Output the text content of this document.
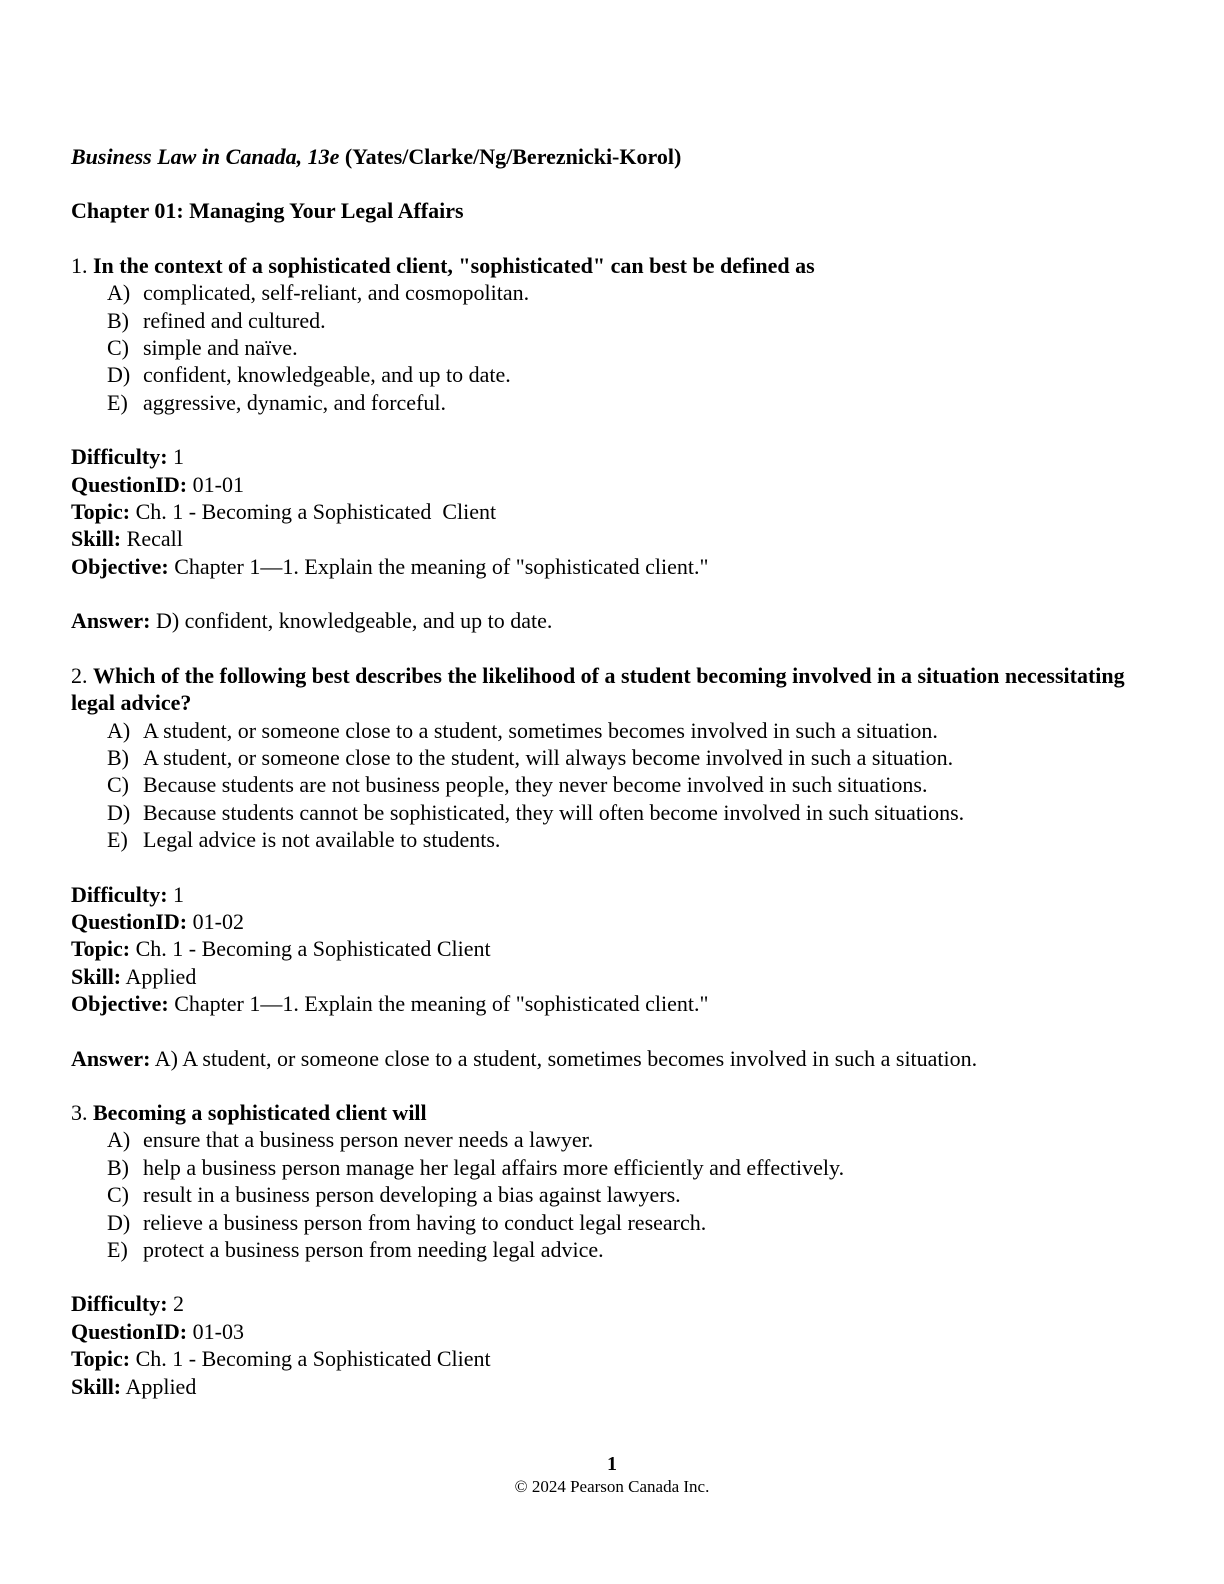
Business Law in Canada, 13e (Yates/Clarke/Ng/Bereznicki-Korol)

Chapter 01: Managing Your Legal Affairs

1. In the context of a sophisticated client, "sophisticated" can best be defined as

A) complicated, self-reliant, and cosmopolitan.
B) refined and cultured.
C) simple and naïve.
D) confident, knowledgeable, and up to date.
E) aggressive, dynamic, and forceful.

Difficulty: 1

QuestionID: 01-01

Topic: Ch. 1 - Becoming a Sophisticated  Client

Skill: Recall

Objective: Chapter 1—1. Explain the meaning of "sophisticated client."

Answer: D) confident, knowledgeable, and up to date.

2. Which of the following best describes the likelihood of a student becoming involved in a situation necessitating legal advice?

A) A student, or someone close to a student, sometimes becomes involved in such a situation.
B) A student, or someone close to the student, will always become involved in such a situation.
C) Because students are not business people, they never become involved in such situations.
D) Because students cannot be sophisticated, they will often become involved in such situations.
E) Legal advice is not available to students.

Difficulty: 1

QuestionID: 01-02

Topic: Ch. 1 - Becoming a Sophisticated Client

Skill: Applied

Objective: Chapter 1—1. Explain the meaning of "sophisticated client."

Answer: A) A student, or someone close to a student, sometimes becomes involved in such a situation.

3. Becoming a sophisticated client will

A) ensure that a business person never needs a lawyer.
B) help a business person manage her legal affairs more efficiently and effectively.
C) result in a business person developing a bias against lawyers.
D) relieve a business person from having to conduct legal research.
E) protect a business person from needing legal advice.

Difficulty: 2

QuestionID: 01-03

Topic: Ch. 1 - Becoming a Sophisticated Client

Skill: Applied

1
© 2024 Pearson Canada Inc.
